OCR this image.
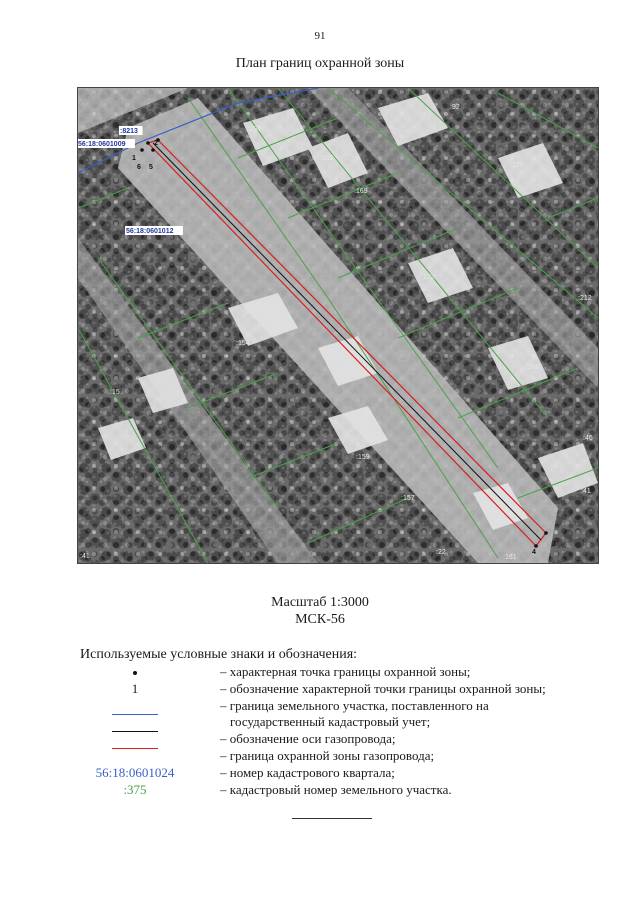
91
План границ охранной зоны
56:18:0601009
56:18:0601012
:8213	:231
:92
:162
:176
:169
:172
:212
:154
:160
:15
:46
:159
:41
:157
:22
:161
:41
1
2
3
4
5
6
Масштаб 1:3000
МСК-56
Используемые условные знаки и обозначения:
– характерная точка границы охранной зоны;
1	– обозначение характерной точки границы охранной зоны;
– граница земельного участка, поставленного на
государственный кадастровый учет;
– обозначение оси газопровода;
– граница охранной зоны газопровода;
56:18:0601024	– номер кадастрового квартала;
:375	– кадастровый номер земельного участка.
